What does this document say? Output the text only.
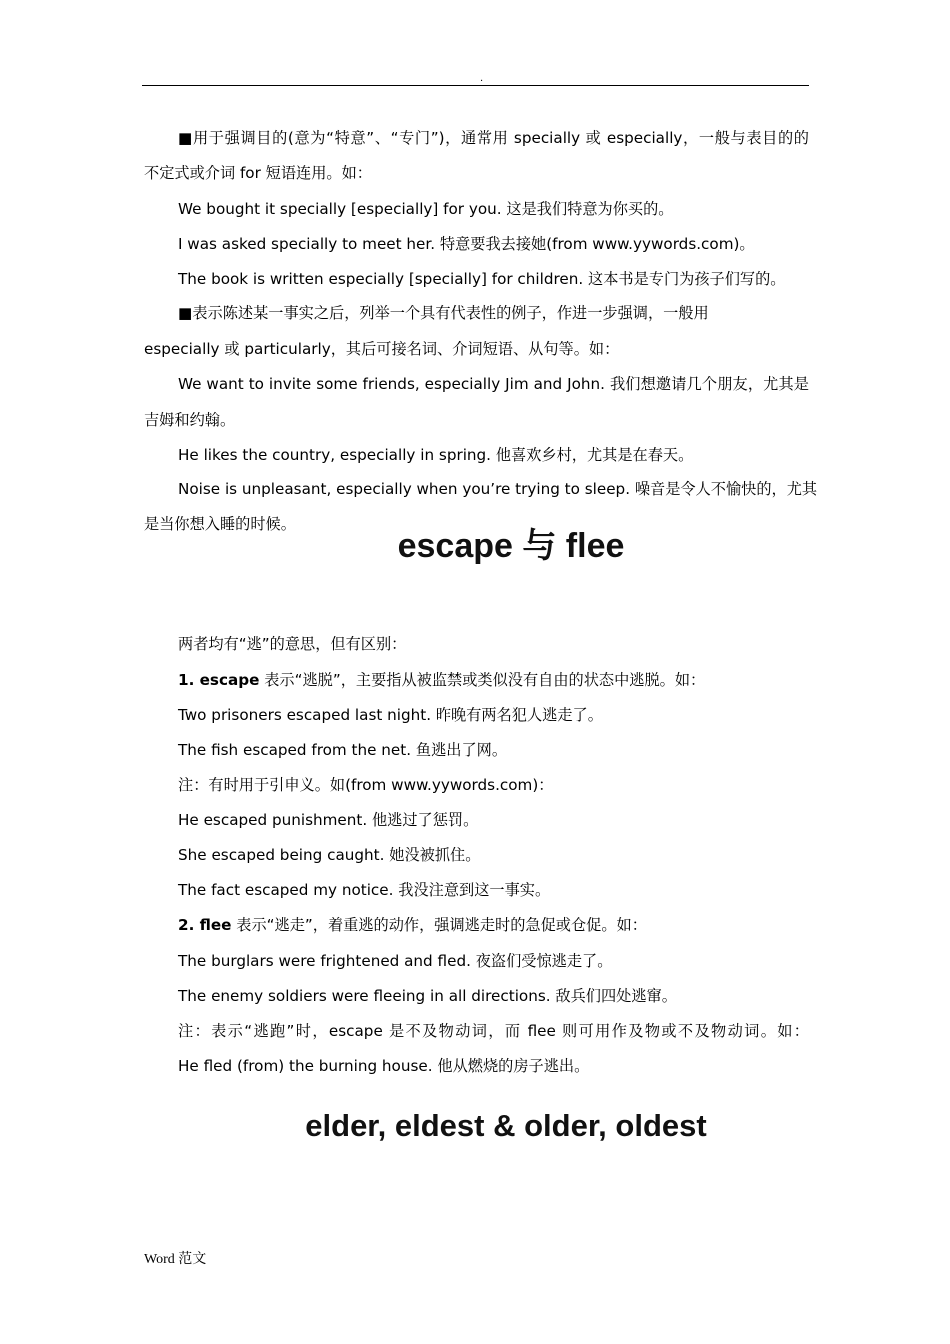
.
■用于强调目的(意为“特意”、“专门”)，通常用 specially 或 especially，一般与表目的的
不定式或介词 for 短语连用。如：
We bought it specially [especially] for you. 这是我们特意为你买的。
I was asked specially to meet her. 特意要我去接她(from www.yywords.com)。
The book is written especially [specially] for children. 这本书是专门为孩子们写的。
■表示陈述某一事实之后，列举一个具有代表性的例子，作进一步强调，一般用
especially 或 particularly，其后可接名词、介词短语、从句等。如：
We want to invite some friends, especially Jim and John. 我们想邀请几个朋友，尤其是
吉姆和约翰。
He likes the country, especially in spring. 他喜欢乡村，尤其是在春天。
Noise is unpleasant, especially when you’re trying to sleep. 噪音是令人不愉快的，尤其
是当你想入睡的时候。
escape 与 flee
两者均有“逃”的意思，但有区别：
1. escape 表示“逃脱”，主要指从被监禁或类似没有自由的状态中逃脱。如：
Two prisoners escaped last night. 昨晚有两名犯人逃走了。
The fish escaped from the net. 鱼逃出了网。
注：有时用于引申义。如(from www.yywords.com)：
He escaped punishment. 他逃过了惩罚。
She escaped being caught. 她没被抓住。
The fact escaped my notice. 我没注意到这一事实。
2. flee 表示“逃走”，着重逃的动作，强调逃走时的急促或仓促。如：
The burglars were frightened and fled. 夜盗们受惊逃走了。
The enemy soldiers were fleeing in all directions. 敌兵们四处逃窜。
注：表示“逃跑”时，escape 是不及物动词，而 flee 则可用作及物或不及物动词。如：
He fled (from) the burning house. 他从燃烧的房子逃出。
elder, eldest & older, oldest
Word 范文
